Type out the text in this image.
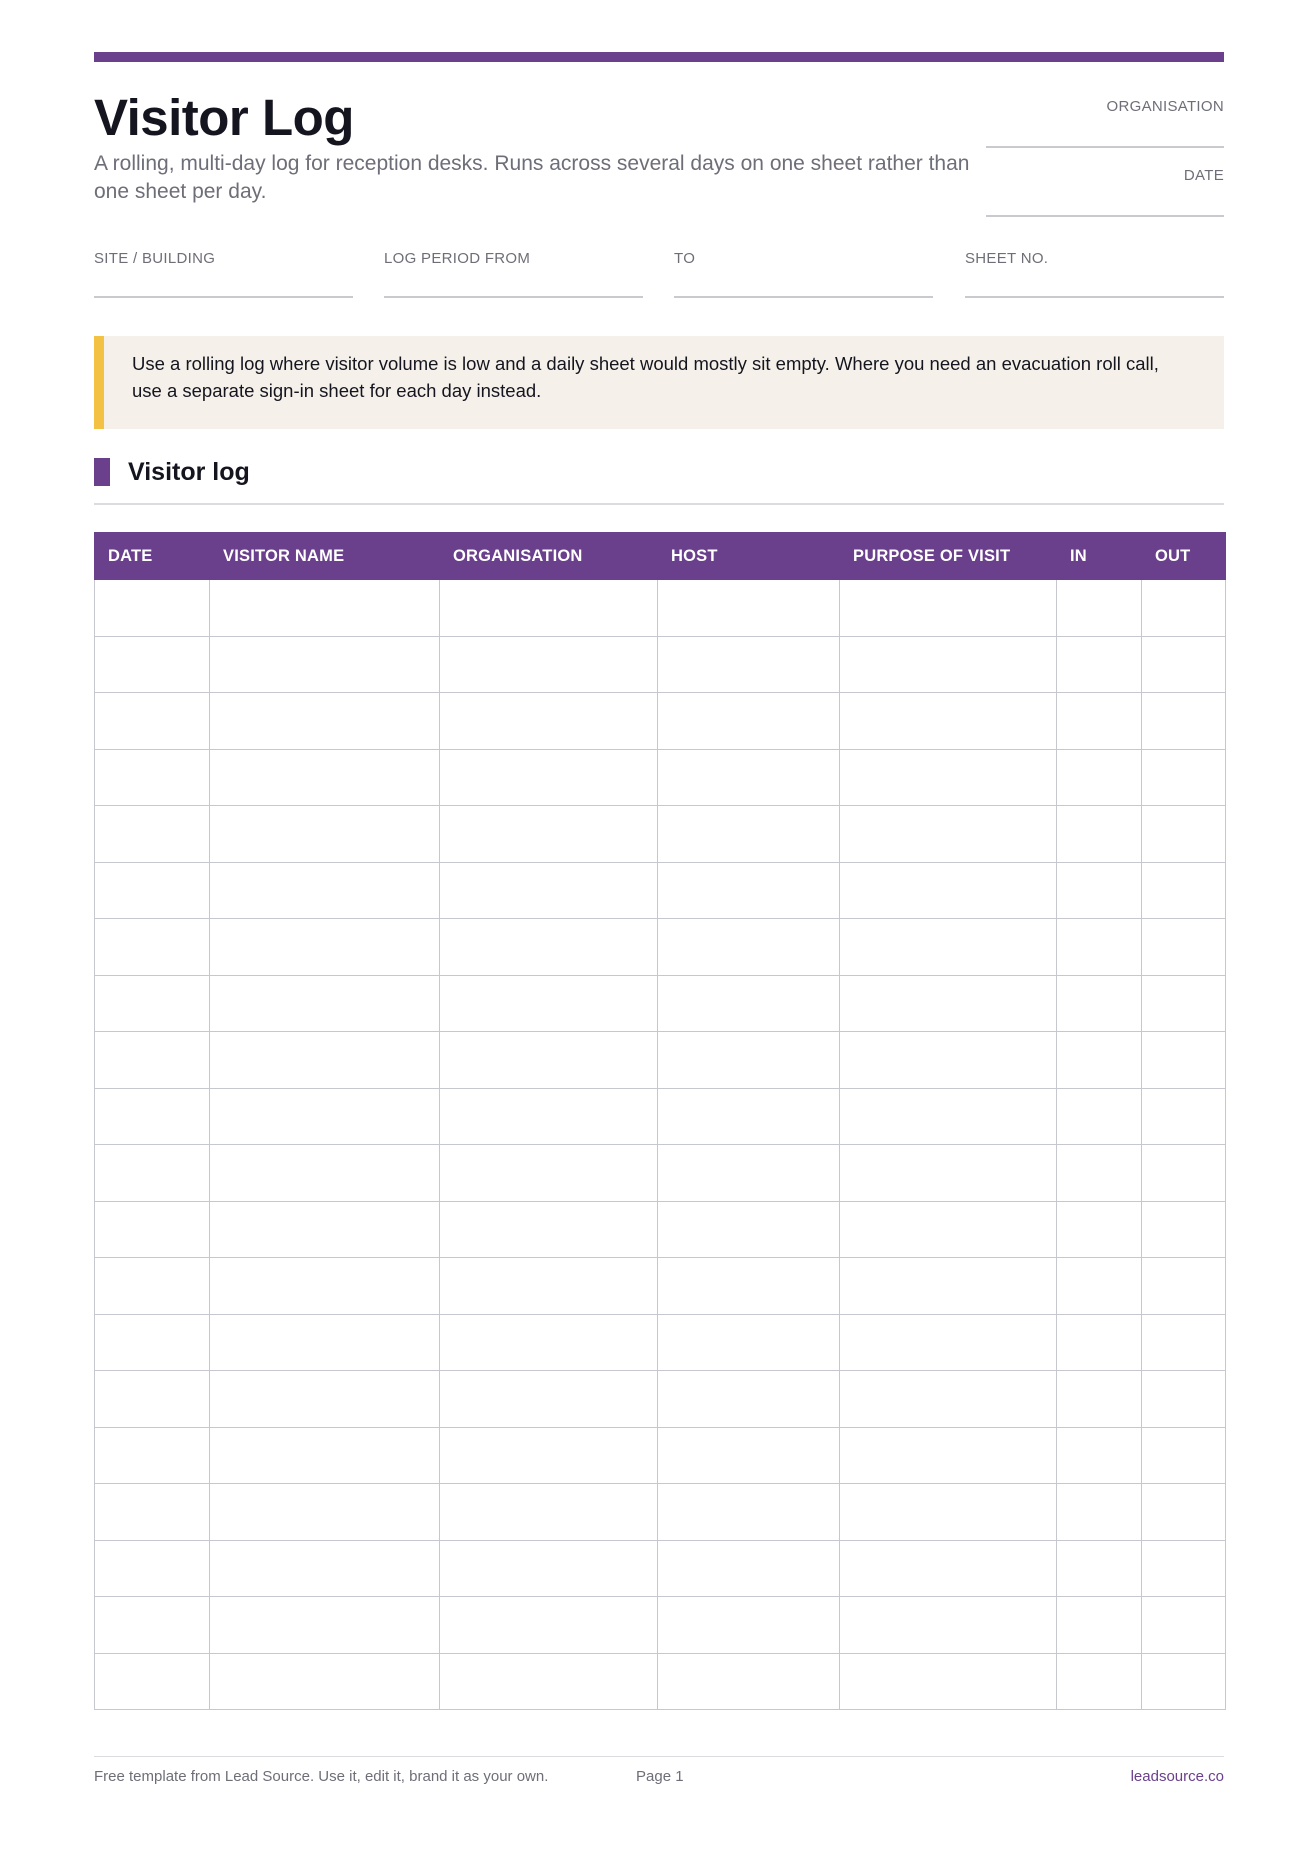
Visitor Log

A rolling, multi-day log for reception desks. Runs across several days on one sheet rather than one sheet per day.

ORGANISATION
DATE
SITE / BUILDING	LOG PERIOD FROM	TO	SHEET NO.
Use a rolling log where visitor volume is low and a daily sheet would mostly sit empty. Where you need an evacuation roll call, use a separate sign-in sheet for each day instead.
Visitor log
DATE	VISITOR NAME	ORGANISATION	HOST	PURPOSE OF VISIT	IN	OUT

Free template from Lead Source. Use it, edit it, brand it as your own.	Page 1	leadsource.co
